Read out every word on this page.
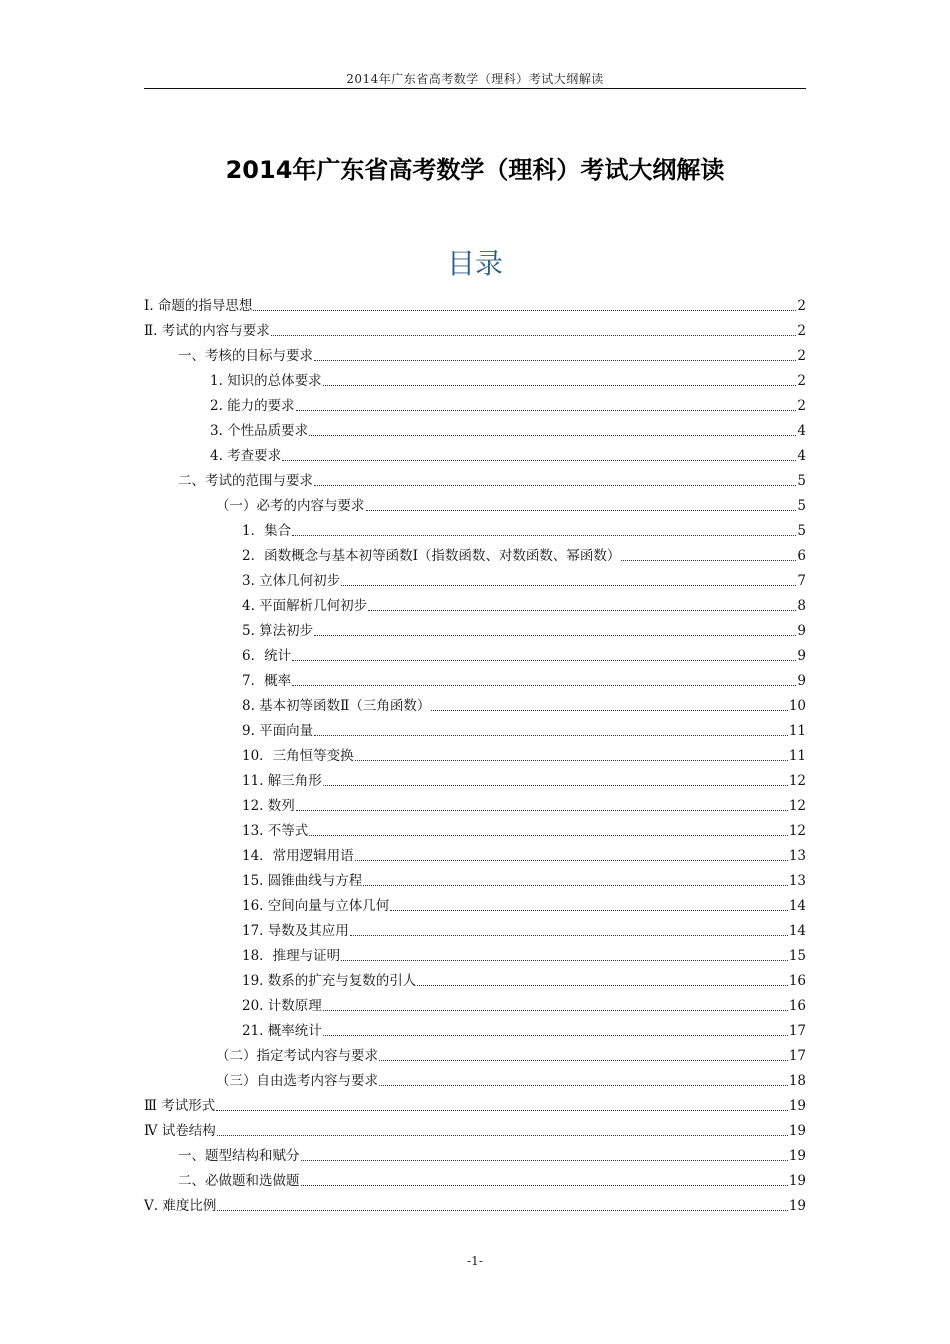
2014年广东省高考数学（理科）考试大纲解读
2014年广东省高考数学（理科）考试大纲解读
目录
Ⅰ. 命题的指导思想	2
Ⅱ. 考试的内容与要求	2
一、考核的目标与要求	2
1. 知识的总体要求	2
2. 能力的要求	2
3. 个性品质要求	4
4. 考查要求	4
二、考试的范围与要求	5
（一）必考的内容与要求	5
1．集合	5
2．函数概念与基本初等函数Ⅰ（指数函数、对数函数、幂函数）	6
3. 立体几何初步	7
4. 平面解析几何初步	8
5. 算法初步	9
6．统计	9
7．概率	9
8. 基本初等函数Ⅱ（三角函数）	10
9. 平面向量	11
10．三角恒等变换	11
11. 解三角形	12
12. 数列	12
13. 不等式	12
14．常用逻辑用语	13
15. 圆锥曲线与方程	13
16. 空间向量与立体几何	14
17. 导数及其应用	14
18．推理与证明	15
19. 数系的扩充与复数的引人	16
20. 计数原理	16
21. 概率统计	17
（二）指定考试内容与要求	17
（三）自由选考内容与要求	18
Ⅲ 考试形式	19
Ⅳ 试卷结构	19
一、题型结构和赋分	19
二、必做题和选做题	19
Ⅴ. 难度比例	19
-1-
